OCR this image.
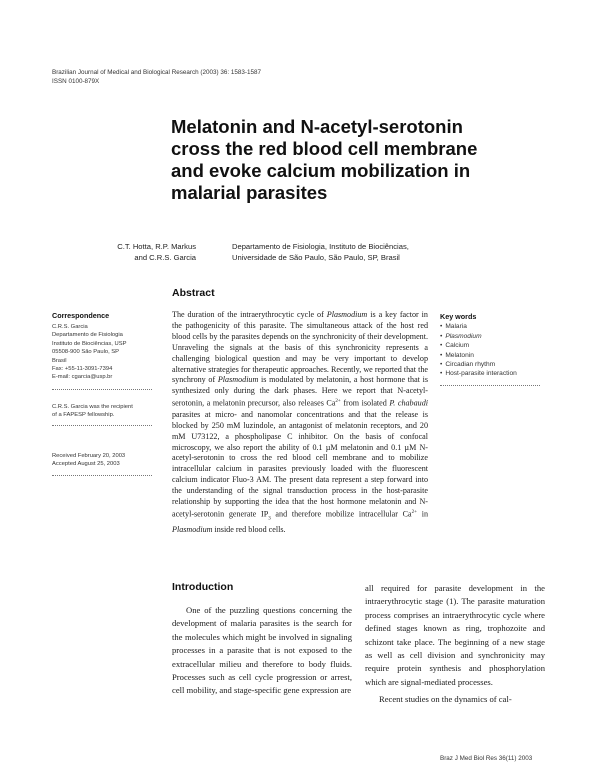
Brazilian Journal of Medical and Biological Research (2003) 36: 1583-1587
ISSN 0100-879X
Melatonin and N-acetyl-serotonin
cross the red blood cell membrane
and evoke calcium mobilization in
malarial parasites
C.T. Hotta, R.P. Markus
and C.R.S. Garcia
Departamento de Fisiologia, Instituto de Biociências,
Universidade de São Paulo, São Paulo, SP, Brasil
Abstract

The duration of the intraerythrocytic cycle of Plasmodium is a key factor in the pathogenicity of this parasite. The simultaneous attack of the host red blood cells by the parasites depends on the synchronicity of their development. Unraveling the signals at the basis of this synchronicity represents a challenging biological question and may be very important to develop alternative strategies for therapeutic approaches. Recently, we reported that the synchrony of Plasmodium is modulated by melatonin, a host hormone that is synthesized only during the dark phases. Here we report that N-acetyl-serotonin, a melatonin precursor, also releases $Ca^{2+}$ from isolated P. chabaudi parasites at micro- and nanomolar concentrations and that the release is blocked by 250 mM luzindole, an antagonist of melatonin receptors, and 20 mM U73122, a phospholipase C inhibitor. On the basis of confocal microscopy, we also report the ability of 0.1 µM melatonin and 0.1 µM N-acetyl-serotonin to cross the red blood cell membrane and to mobilize intracellular calcium in parasites previously loaded with the fluorescent calcium indicator Fluo-3 AM. The present data represent a step forward into the understanding of the signal transduction process in the host-parasite relationship by supporting the idea that the host hormone melatonin and N-acetyl-serotonin generate $IP_3$ and therefore mobilize intracellular $Ca^{2+}$ in Plasmodium inside red blood cells.

Correspondence
C.R.S. Garcia
Departamento de Fisiologia
Instituto de Biociências, USP
05508-900 São Paulo, SP
Brasil
Fax: +55-11-3091-7394
E-mail: cgarcia@usp.br
C.R.S. Garcia was the recipient
of a FAPESP fellowship.
Received February 20, 2003
Accepted August 25, 2003
Key words
• Malaria
• Plasmodium
• Calcium
• Melatonin
• Circadian rhythm
• Host-parasite interaction
Introduction

One of the puzzling questions concerning the development of malaria parasites is the search for the molecules which might be involved in signaling processes in a parasite that is not exposed to the extracellular milieu and therefore to body fluids. Processes such as cell cycle progression or arrest, cell mobility, and stage-specific gene expression are

all required for parasite development in the intraerythrocytic stage (1). The parasite maturation process comprises an intraerythrocytic cycle where defined stages known as ring, trophozoite and schizont take place. The beginning of a new stage as well as cell division and synchronicity may require protein synthesis and phosphorylation which are signal-mediated processes.

Recent studies on the dynamics of cal-

Braz J Med Biol Res 36(11) 2003
